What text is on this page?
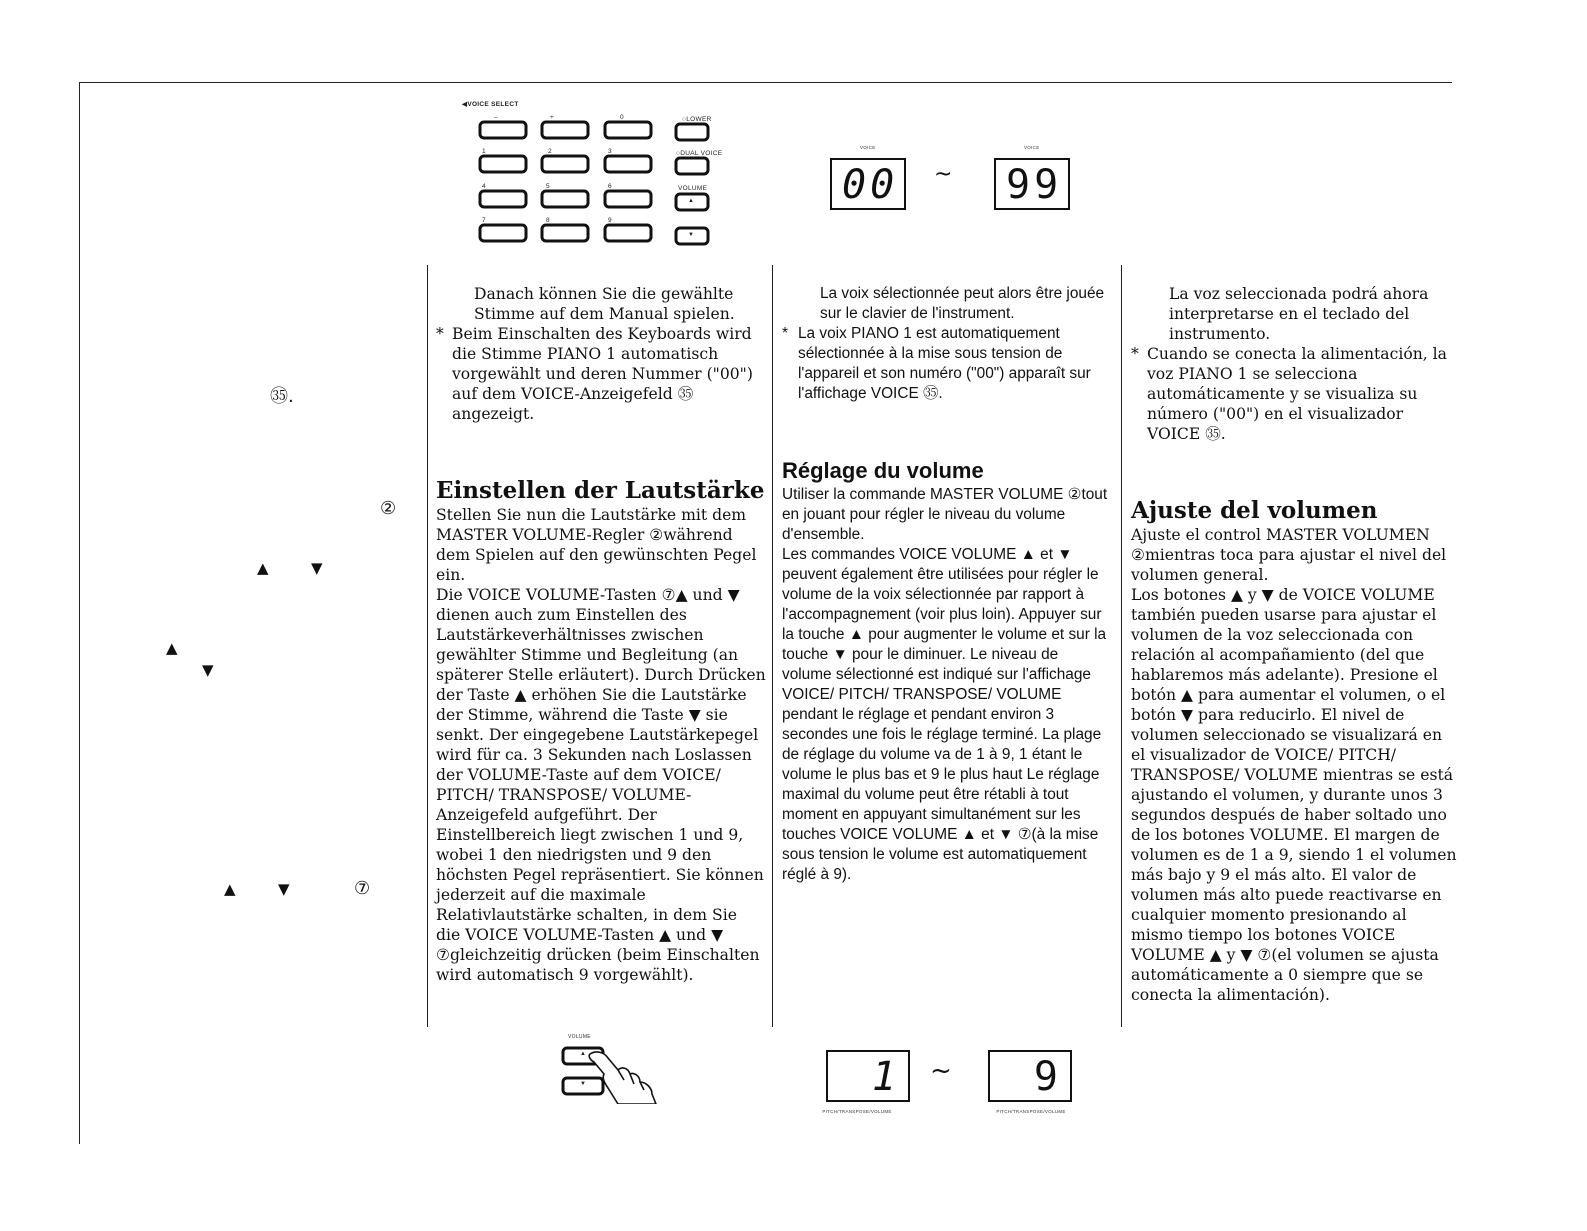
㉟.
②
▲	▼
▲
▼
▲	▼	⑦
◀VOICE SELECT
–	+	0	○LOWER
1	2	3	○DUAL VOICE
4	5	6	VOLUME
7	8	9
▲
▼
VOICE
00 ~
VOICE
99

Danach können Sie die gewählte Stimme auf dem Manual spielen.

* Beim Einschalten des Keyboards wird die Stimme PIANO 1 automatisch vorgewählt und deren Nummer ("00") auf dem VOICE-Anzeigefeld ㉟ angezeigt.

Einstellen der Lautstärke

Stellen Sie nun die Lautstärke mit dem MASTER VOLUME-Regler ②während dem Spielen auf den gewünschten Pegel ein.
Die VOICE VOLUME-Tasten ⑦▲ und ▼ dienen auch zum Einstellen des Lautstärkeverhältnisses zwischen gewählter Stimme und Begleitung (an späterer Stelle erläutert). Durch Drücken der Taste ▲ erhöhen Sie die Lautstärke der Stimme, während die Taste ▼ sie senkt. Der eingegebene Lautstärkepegel wird für ca. 3 Sekunden nach Loslassen der VOLUME-Taste auf dem VOICE/ PITCH/ TRANSPOSE/ VOLUME-Anzeigefeld aufgeführt. Der Einstellbereich liegt zwischen 1 und 9, wobei 1 den niedrigsten und 9 den höchsten Pegel repräsentiert. Sie können jederzeit auf die maximale Relativlautstärke schalten, in dem Sie die VOICE VOLUME-Tasten ▲ und ▼ ⑦gleichzeitig drücken (beim Einschalten wird automatisch 9 vorgewählt).

La voix sélectionnée peut alors être jouée sur le clavier de l'instrument.

* La voix PIANO 1 est automatiquement sélectionnée à la mise sous tension de l'appareil et son numéro ("00") apparaît sur l'affichage VOICE ㉟.

Réglage du volume

Utiliser la commande MASTER VOLUME ②tout en jouant pour régler le niveau du volume d'ensemble.
Les commandes VOICE VOLUME ▲ et ▼ peuvent également être utilisées pour régler le volume de la voix sélectionnée par rapport à l'accompagnement (voir plus loin). Appuyer sur la touche ▲ pour augmenter le volume et sur la touche ▼ pour le diminuer. Le niveau de volume sélectionné est indiqué sur l'affichage VOICE/ PITCH/ TRANSPOSE/ VOLUME pendant le réglage et pendant environ 3 secondes une fois le réglage terminé. La plage de réglage du volume va de 1 à 9, 1 étant le volume le plus bas et 9 le plus haut Le réglage maximal du volume peut être rétabli à tout moment en appuyant simultanément sur les touches VOICE VOLUME ▲ et ▼ ⑦(à la mise sous tension le volume est automatiquement réglé à 9).

La voz seleccionada podrá ahora interpretarse en el teclado del instrumento.

* Cuando se conecta la alimentación, la voz PIANO 1 se selecciona automáticamente y se visualiza su número ("00") en el visualizador VOICE ㉟.

Ajuste del volumen

Ajuste el control MASTER VOLUMEN ②mientras toca para ajustar el nivel del volumen general.
Los botones ▲ y ▼ de VOICE VOLUME también pueden usarse para ajustar el volumen de la voz seleccionada con relación al acompañamiento (del que hablaremos más adelante). Presione el botón ▲ para aumentar el volumen, o el botón ▼ para reducirlo. El nivel de volumen seleccionado se visualizará en el visualizador de VOICE/ PITCH/ TRANSPOSE/ VOLUME mientras se está ajustando el volumen, y durante unos 3 segundos después de haber soltado uno de los botones VOLUME. El margen de volumen es de 1 a 9, siendo 1 el volumen más bajo y 9 el más alto. El valor de volumen más alto puede reactivarse en cualquier momento presionando al mismo tiempo los botones VOICE VOLUME ▲ y ▼ ⑦(el volumen se ajusta automáticamente a 0 siempre que se conecta la alimentación).

VOLUME
▲
▼	1
PITCH/TRANSPOSE/VOLUME
~ 9
PITCH/TRANSPOSE/VOLUME
